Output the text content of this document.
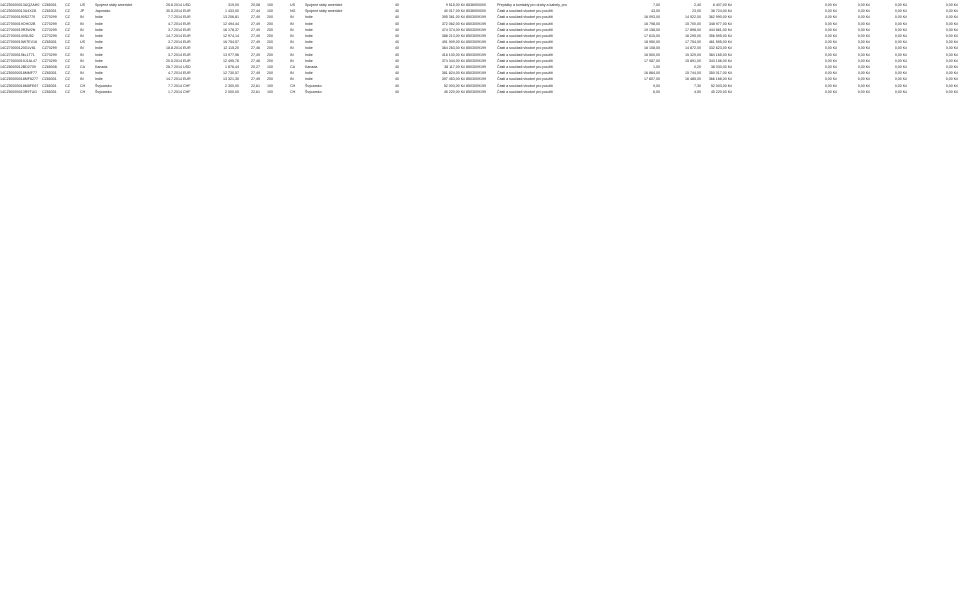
14CZ50000013UQZAH0 CZ65301	CZ	US	Spojené státy americké	25.6.2014 USD	319,00	20,08	100	US	Spojené státy americké	40	9 515,00 Kč 8536900000	Přepážky a kontakty pro drahy a kabely, pro	7,00	2,40	6 407,00 Kč	0,00 Kč	0,00 Kč	0,00 Kč	0,00 Kč
14CZ50000013U4XZ8	CZ65301	CZ	JP	Japonsko	30.5.2014 EUR	1 433,00	27,44	100	NG	Spojené státy americké	40	40 017,00 Kč 8536900000	Části a součásti vhodné pro použití	43,00	23,00	38 724,00 Kč	0,00 Kč	0,00 Kč	0,00 Kč	0,00 Kč
14CZ70000190S2770	CZ70299	CZ	IN	Indie	7.7.2014 EUR	13 206,81	27,49	200	IN	Indie	40	395 361,00 Kč 8503009199	Části a součásti vhodné pro použití	16 093,00	14 922,00	362 990,00 Kč	0,00 Kč	0,00 Kč	0,00 Kč	0,00 Kč
14CZ7000019OHO2B	CZ70299	CZ	IN	Indie	4.7.2014 EUR	12 494,44	27,49	200	IN	Indie	40	372 062,00 Kč 8503009199	Části a součásti vhodné pro použití	16 798,00	15 700,00	348 977,00 Kč	0,00 Kč	0,00 Kč	0,00 Kč	0,00 Kč
14CZ7000019R3W2N	CZ70299	CZ	IN	Indie	3.7.2014 EUR	16 178,37	27,49	200	IN	Indie	40	474 374,00 Kč 8503009199	Části a součásti vhodné pro použití	19 158,00	17 898,00	444 661,00 Kč	0,00 Kč	0,00 Kč	0,00 Kč	0,00 Kč
14CZ7000014V5U52	CZ70299	CZ	IN	Indie	14.7.2014 EUR	12 974,14	27,49	200	IN	Indie	40	388 213,00 Kč 8503009199	Části a součásti vhodné pro použití	17 615,00	16 295,00	356 595,00 Kč	0,00 Kč	0,00 Kč	0,00 Kč	0,00 Kč
14CZ7000019W7EV16	CZ65301	CZ	US	Indie	3.7.2014 EUR	16 754,57	27,49	200	IN	Indie	40	491 909,00 Kč 8503009199	Části a součásti vhodné pro použití	18 950,00	17 754,00	461 595,00 Kč	0,00 Kč	0,00 Kč	0,00 Kč	0,00 Kč
14CZ70000120GLV81	CZ70299	CZ	IN	Indie	18.8.2014 EUR	12 115,20	27,46	200	IN	Indie	40	364 263,00 Kč 8503009199	Části a součásti vhodné pro použití	16 108,00	14 872,00	332 623,00 Kč	0,00 Kč	0,00 Kč	0,00 Kč	0,00 Kč
14CZ7000019kL1T71	CZ70299	CZ	IN	Indie	3.7.2014 EUR	13 977,56	27,49	200	IN	Indie	40	416 100,00 Kč 8503009199	Části a součásti vhodné pro použití	16 500,00	15 329,00	384 165,00 Kč	0,00 Kč	0,00 Kč	0,00 Kč	0,00 Kč
14CZ70000019J1AL47	CZ70299	CZ	IN	Indie	20.5.2014 EUR	12 495,76	27,46	200	IN	Indie	40	374 344,00 Kč 8503009199	Části a součásti vhodné pro použití	17 087,00	15 891,00	343 156,00 Kč	0,00 Kč	0,00 Kč	0,00 Kč	0,00 Kč
14CZ8000012BD2709	CZ65008	CZ	CA	Kanada	26.7.2014 USD	1 876,44	20,27	100	CA	Kanada	40	38 117,00 Kč 8503009199	Části a součásti vhodné pro použití	1,00	0,20	38 030,00 Kč	0,00 Kč	0,00 Kč	0,00 Kč	0,00 Kč
14CZ50000018MMF77	CZ65301	CZ	IN	Indie	4.7.2014 EUR	12 730,57	27,49	200	IN	Indie	40	381 824,00 Kč 8503009199	Části a součásti vhodné pro použití	16 884,00	15 744,00	350 017,00 Kč	0,00 Kč	0,00 Kč	0,00 Kč	0,00 Kč
14CZ50000018MF6277	CZ65301	CZ	IN	Indie	14.7.2014 EUR	13 321,30	27,49	200	IN	Indie	40	397 453,00 Kč 8503009199	Části a součásti vhodné pro použití	17 807,00	16 485,00	366 166,00 Kč	0,00 Kč	0,00 Kč	0,00 Kč	0,00 Kč
14CZ50000018M8FE67	CZ65301	CZ	CH	Švýcarsko	7.7.2014 CHF	2 300,00	22,61	100	CH	Švýcarsko	40	52 003,00 Kč 8503009199	Části a součásti vhodné pro použití	9,00	7,30	52 003,00 Kč	0,00 Kč	0,00 Kč	0,00 Kč	0,00 Kč
14CZ50000013R9TUG	CZ65301	CZ	CH	Švýcarsko	1.7.2014 CHF	2 000,00	22,61	100	CH	Švýcarsko	40	45 220,00 Kč 8503009199	Části a součásti vhodné pro použití	6,00	4,50	45 220,00 Kč	0,00 Kč	0,00 Kč	0,00 Kč	0,00 Kč
